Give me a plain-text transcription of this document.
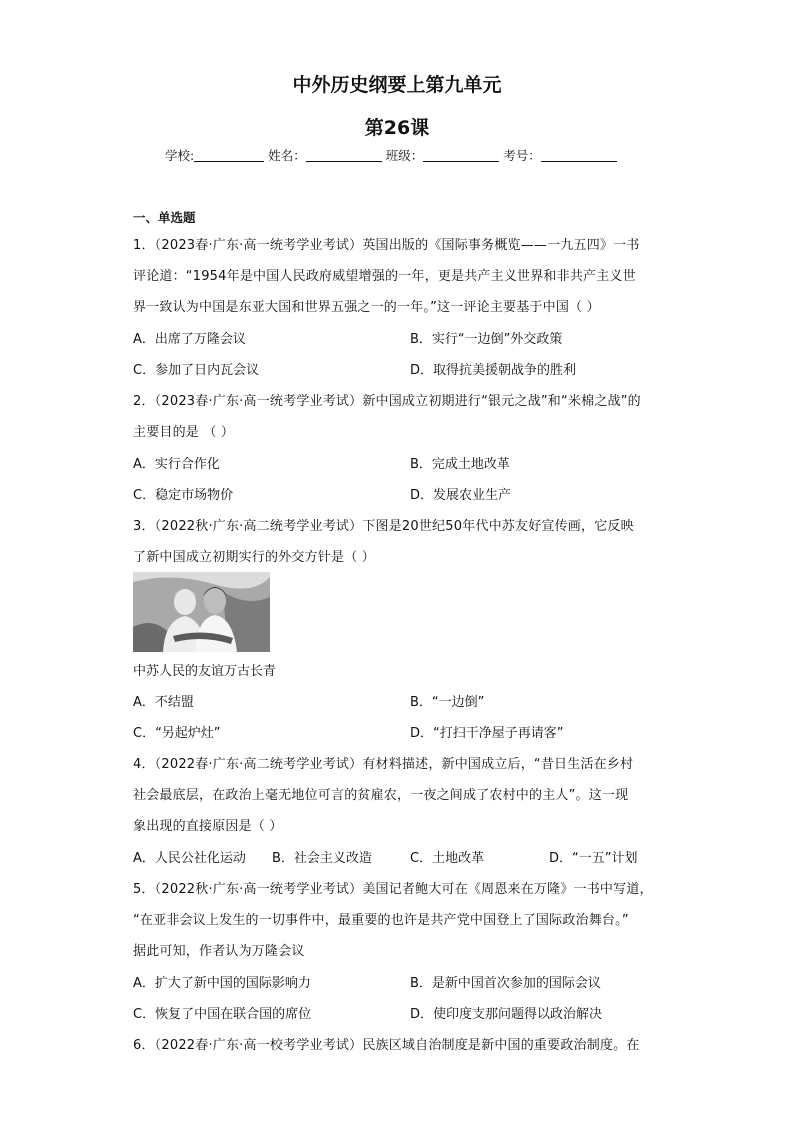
中外历史纲要上第九单元
第26课
学校:	姓名：	班级：	考号：
一、单选题
1．（2023春·广东·高一统考学业考试）英国出版的《国际事务概览——一九五四》一书
评论道：“1954年是中国人民政府威望增强的一年，更是共产主义世界和非共产主义世
界一致认为中国是东亚大国和世界五强之一的一年。”这一评论主要基于中国（ ）
A．出席了万隆会议	B．实行“一边倒”外交政策
C．参加了日内瓦会议	D．取得抗美援朝战争的胜利
2．（2023春·广东·高一统考学业考试）新中国成立初期进行“银元之战”和“米棉之战”的
主要目的是 （ ）
A．实行合作化	B．完成土地改革
C．稳定市场物价	D．发展农业生产
3．（2022秋·广东·高二统考学业考试）下图是20世纪50年代中苏友好宣传画，它反映
了新中国成立初期实行的外交方针是（ ）
中苏人民的友谊万古长青
A．不结盟	B．“一边倒”
C．“另起炉灶”	D．“打扫干净屋子再请客”
4．（2022春·广东·高二统考学业考试）有材料描述，新中国成立后，“昔日生活在乡村
社会最底层，在政治上毫无地位可言的贫雇农，一夜之间成了农村中的主人”。这一现
象出现的直接原因是（ ）
A．人民公社化运动 B．社会主义改造	C．土地改革	D．“一五”计划
5．（2022秋·广东·高一统考学业考试）美国记者鲍大可在《周恩来在万隆》一书中写道，
“在亚非会议上发生的一切事件中，最重要的也许是共产党中国登上了国际政治舞台。”
据此可知，作者认为万隆会议
A．扩大了新中国的国际影响力	B．是新中国首次参加的国际会议
C．恢复了中国在联合国的席位	D．使印度支那问题得以政治解决
6．（2022春·广东·高一校考学业考试）民族区域自治制度是新中国的重要政治制度。在
